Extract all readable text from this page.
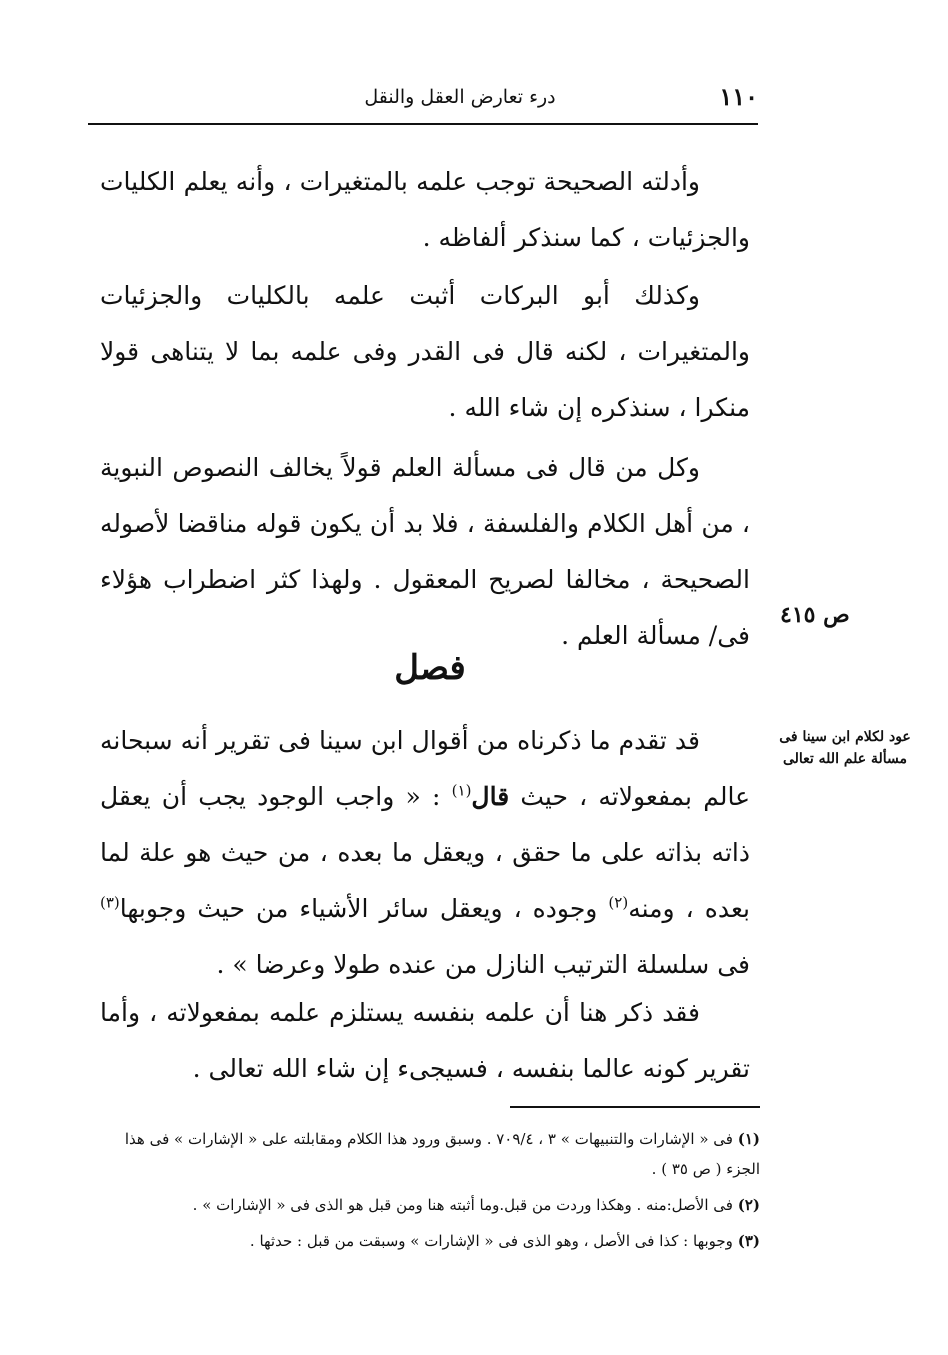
١١٠
درء تعارض العقل والنقل

وأدلته الصحيحة توجب علمه بالمتغيرات ، وأنه يعلم الكليات والجزئيات ، كما سنذكر ألفاظه .

وكذلك أبو البركات أثبت علمه بالكليات والجزئيات والمتغيرات ، لكنه قال فى القدر وفى علمه بما لا يتناهى قولا منكرا ، سنذكره إن شاء الله .

وكل من قال فى مسألة العلم قولاً يخالف النصوص النبوية ، من أهل الكلام والفلسفة ، فلا بد أن يكون قوله مناقضا لأصوله الصحيحة ، مخالفا لصريح المعقول . ولهذا كثر اضطراب هؤلاء فى/ مسألة العلم .

ص ٤١٥
فصل
عود لكلام ابن سينا فى مسألة علم الله تعالى

قد تقدم ما ذكرناه من أقوال ابن سينا فى تقرير أنه سبحانه عالم بمفعولاته ، حيث قال$^{(١)}$ : « واجب الوجود يجب أن يعقل ذاته بذاته على ما حقق ، ويعقل ما بعده ، من حيث هو علة لما بعده ، ومنه$^{(٢)}$ وجوده ، ويعقل سائر الأشياء من حيث وجوبها$^{(٣)}$ فى سلسلة الترتيب النازل من عنده طولا وعرضا » .

فقد ذكر هنا أن علمه بنفسه يستلزم علمه بمفعولاته ، وأما تقرير كونه عالما بنفسه ، فسيجىء إن شاء الله تعالى .

(١) فى « الإشارات والتنبيهات » ٣ ، ٧٠٩/٤ . وسبق ورود هذا الكلام ومقابلته على « الإشارات » فى هذا الجزء ( ص ٣٥ ) .

(٢) فى الأصل:منه . وهكذا وردت من قبل.وما أثبته هنا ومن قبل هو الذى فى « الإشارات » .

(٣) وجوبها : كذا فى الأصل ، وهو الذى فى « الإشارات » وسبقت من قبل : حدثها .
